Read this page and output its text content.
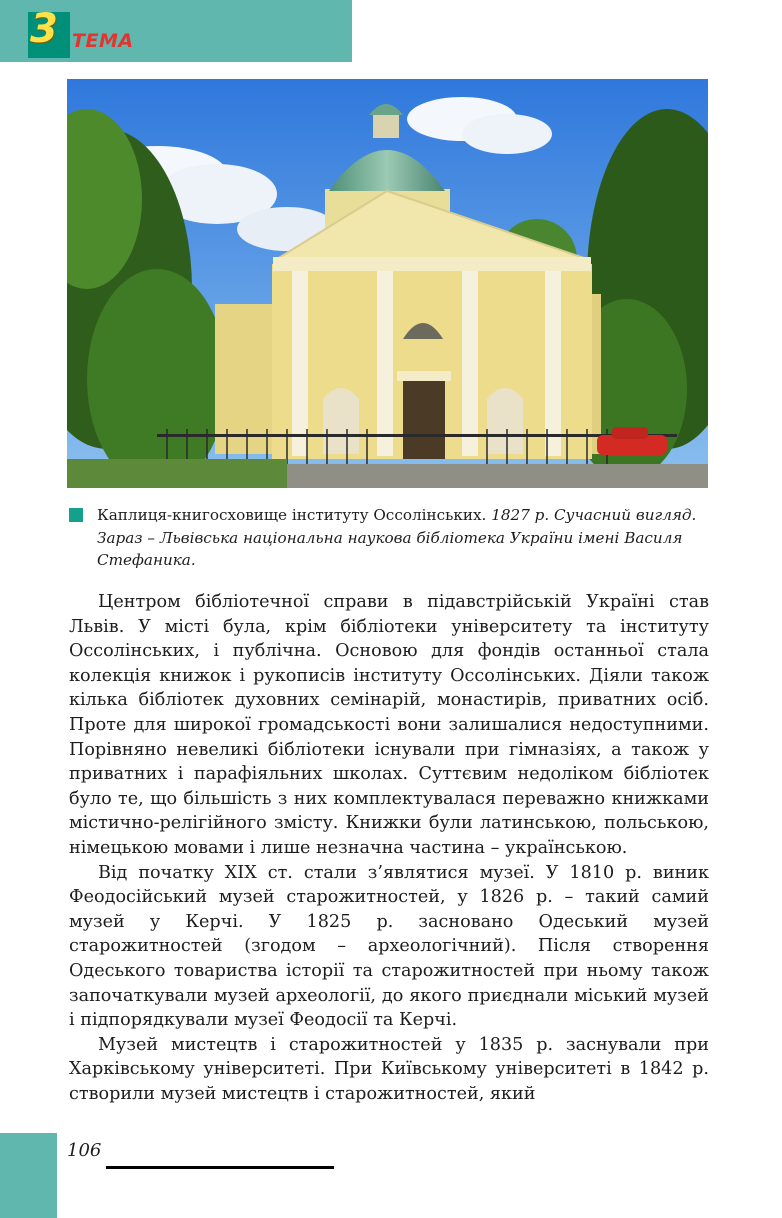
3 ТЕМА
Каплиця-книгосховище інституту Оссолінських. 1827 р. Сучасний вигляд. Зараз – Львівська національна наукова бібліотека України імені Василя Стефаника.

Центром бібліотечної справи в підавстрійській Україні став Львів. У місті була, крім бібліотеки університету та інституту Оссолінських, і публічна. Основою для фондів останньої стала колекція книжок і рукописів інституту Оссолінських. Діяли також кілька бібліотек духовних семінарій, монастирів, приватних осіб. Проте для широкої громадськості вони залишалися недоступними. Порівняно невеликі бібліотеки існували при гімназіях, а також у приватних і парафіяльних школах. Суттєвим недоліком бібліотек було те, що більшість з них комплектувалася переважно книжками містично-релігійного змісту. Книжки були латинською, польською, німецькою мовами і лише незначна частина – українською.

Від початку XIX ст. стали з’являтися музеї. У 1810 р. виник Феодосійський музей старожитностей, у 1826 р. – такий самий музей у Керчі. У 1825 р. засновано Одеський музей старожитностей (згодом – археологічний). Після створення Одеського товариства історії та старожитностей при ньому також започаткували музей археології, до якого приєднали міський музей і підпорядкували музеї Феодосії та Керчі.

Музей мистецтв і старожитностей у 1835 р. заснували при Харківському університеті. При Київському університеті в 1842 р. створили музей мистецтв і старожитностей, який

106
